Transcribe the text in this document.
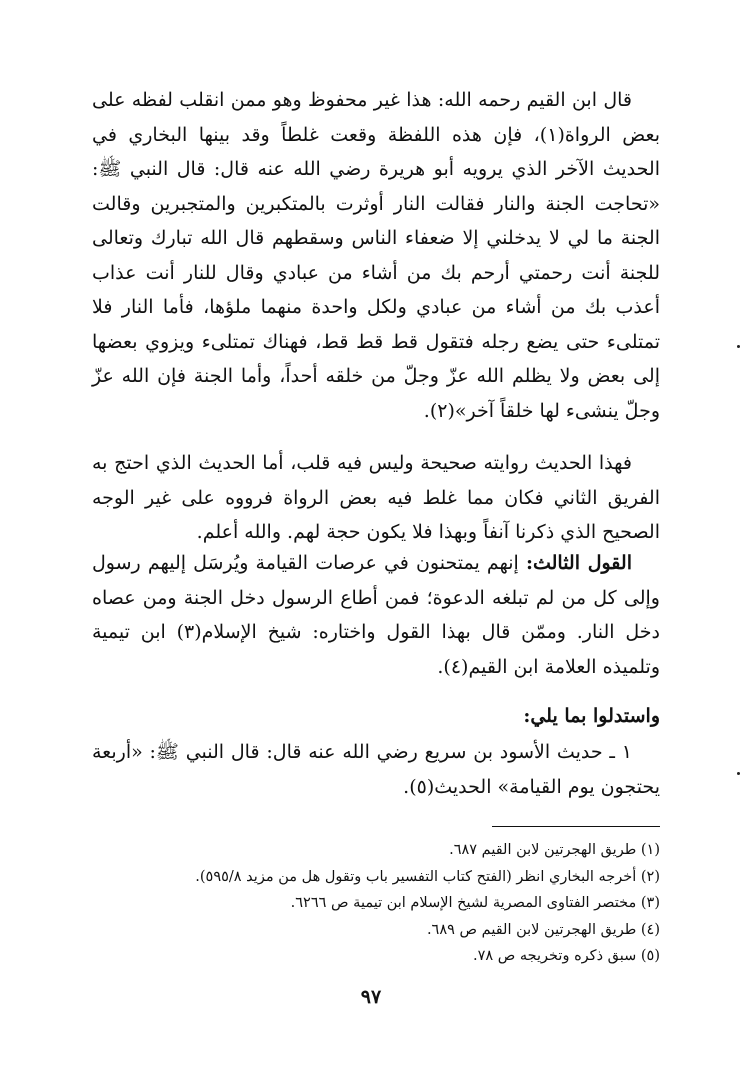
قال ابن القيم رحمه الله: هذا غير محفوظ وهو ممن انقلب لفظه على بعض الرواة(١)، فإن هذه اللفظة وقعت غلطاً وقد بينها البخاري في الحديث الآخر الذي يرويه أبو هريرة رضي الله عنه قال: قال النبي ﷺ: «تحاجت الجنة والنار فقالت النار أوثرت بالمتكبرين والمتجبرين وقالت الجنة ما لي لا يدخلني إلا ضعفاء الناس وسقطهم قال الله تبارك وتعالى للجنة أنت رحمتي أرحم بك من أشاء من عبادي وقال للنار أنت عذاب أعذب بك من أشاء من عبادي ولكل واحدة منهما ملؤها، فأما النار فلا تمتلىء حتى يضع رجله فتقول قط قط قط، فهناك تمتلىء ويزوي بعضها إلى بعض ولا يظلم الله عزّ وجلّ من خلقه أحداً، وأما الجنة فإن الله عزّ وجلّ ينشىء لها خلقاً آخر»(٢).

فهذا الحديث روايته صحيحة وليس فيه قلب، أما الحديث الذي احتج به الفريق الثاني فكان مما غلط فيه بعض الرواة فرووه على غير الوجه الصحيح الذي ذكرنا آنفاً وبهذا فلا يكون حجة لهم. والله أعلم.

القول الثالث: إنهم يمتحنون في عرصات القيامة ويُرسَل إليهم رسول وإلى كل من لم تبلغه الدعوة؛ فمن أطاع الرسول دخل الجنة ومن عصاه دخل النار. وممّن قال بهذا القول واختاره: شيخ الإسلام(٣) ابن تيمية وتلميذه العلامة ابن القيم(٤).

واستدلوا بما يلي:

١ ـ حديث الأسود بن سريع رضي الله عنه قال: قال النبي ﷺ: «أربعة يحتجون يوم القيامة» الحديث(٥).

(١) طريق الهجرتين لابن القيم ٦٨٧.

(٢) أخرجه البخاري انظر (الفتح كتاب التفسير باب وتقول هل من مزيد ٥٩٥/٨).

(٣) مختصر الفتاوى المصرية لشيخ الإسلام ابن تيمية ص ٦٢٦٦.

(٤) طريق الهجرتين لابن القيم ص ٦٨٩.

(٥) سبق ذكره وتخريجه ص ٧٨.

٩٧
